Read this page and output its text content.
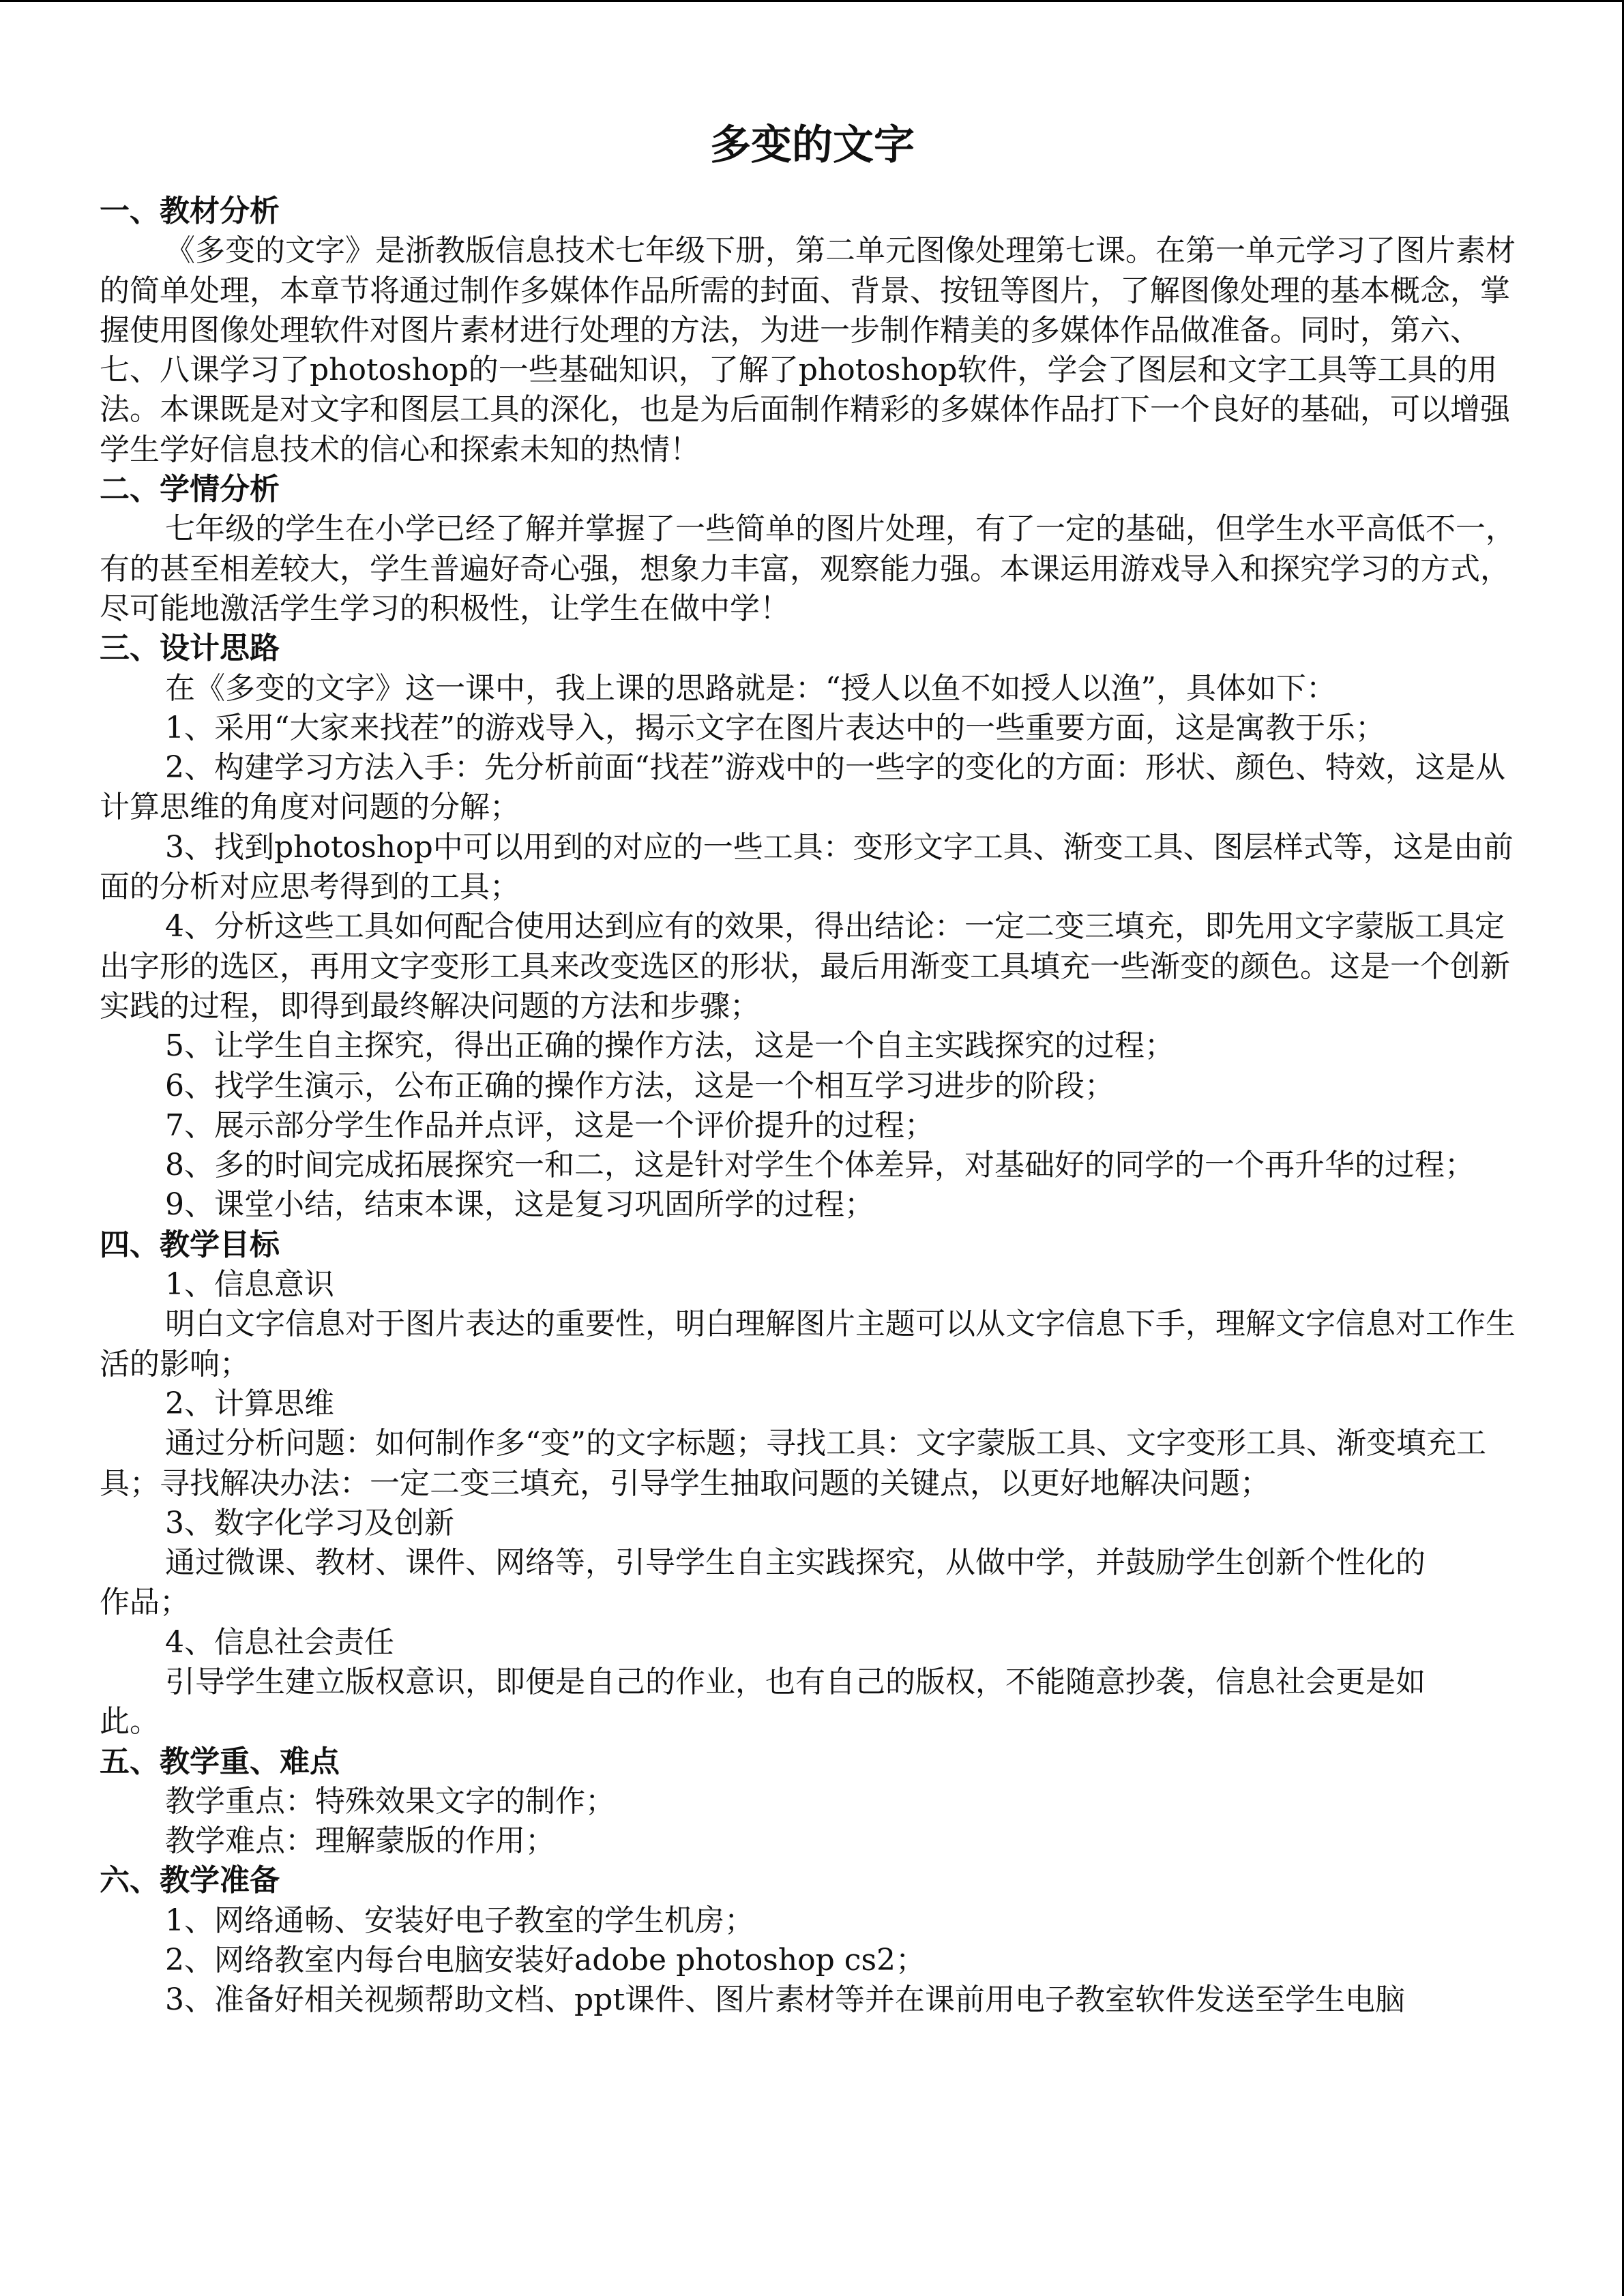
多变的文字

一、教材分析

《多变的文字》是浙教版信息技术七年级下册，第二单元图像处理第七课。在第一单元学习了图片素材的简单处理，本章节将通过制作多媒体作品所需的封面、背景、按钮等图片，了解图像处理的基本概念，掌握使用图像处理软件对图片素材进行处理的方法，为进一步制作精美的多媒体作品做准备。同时，第六、七、八课学习了photoshop的一些基础知识，了解了photoshop软件，学会了图层和文字工具等工具的用法。本课既是对文字和图层工具的深化，也是为后面制作精彩的多媒体作品打下一个良好的基础，可以增强学生学好信息技术的信心和探索未知的热情！

二、学情分析

七年级的学生在小学已经了解并掌握了一些简单的图片处理，有了一定的基础，但学生水平高低不一，有的甚至相差较大，学生普遍好奇心强，想象力丰富，观察能力强。本课运用游戏导入和探究学习的方式，尽可能地激活学生学习的积极性，让学生在做中学！

三、设计思路

在《多变的文字》这一课中，我上课的思路就是：“授人以鱼不如授人以渔”，具体如下：

1、采用“大家来找茬”的游戏导入，揭示文字在图片表达中的一些重要方面，这是寓教于乐；

2、构建学习方法入手：先分析前面“找茬”游戏中的一些字的变化的方面：形状、颜色、特效，这是从计算思维的角度对问题的分解；

3、找到photoshop中可以用到的对应的一些工具：变形文字工具、渐变工具、图层样式等，这是由前面的分析对应思考得到的工具；

4、分析这些工具如何配合使用达到应有的效果，得出结论：一定二变三填充，即先用文字蒙版工具定出字形的选区，再用文字变形工具来改变选区的形状，最后用渐变工具填充一些渐变的颜色。这是一个创新实践的过程，即得到最终解决问题的方法和步骤；

5、让学生自主探究，得出正确的操作方法，这是一个自主实践探究的过程；

6、找学生演示，公布正确的操作方法，这是一个相互学习进步的阶段；

7、展示部分学生作品并点评，这是一个评价提升的过程；

8、多的时间完成拓展探究一和二，这是针对学生个体差异，对基础好的同学的一个再升华的过程；

9、课堂小结，结束本课，这是复习巩固所学的过程；

四、教学目标

1、信息意识

明白文字信息对于图片表达的重要性，明白理解图片主题可以从文字信息下手，理解文字信息对工作生活的影响；

2、计算思维

通过分析问题：如何制作多“变”的文字标题；寻找工具：文字蒙版工具、文字变形工具、渐变填充工具；寻找解决办法：一定二变三填充，引导学生抽取问题的关键点，以更好地解决问题；

3、数字化学习及创新

通过微课、教材、课件、网络等，引导学生自主实践探究，从做中学，并鼓励学生创新个性化的

作品；

4、信息社会责任

引导学生建立版权意识，即便是自己的作业，也有自己的版权，不能随意抄袭，信息社会更是如

此。

五、教学重、难点

教学重点：特殊效果文字的制作；

教学难点：理解蒙版的作用；

六、教学准备

1、网络通畅、安装好电子教室的学生机房；

2、网络教室内每台电脑安装好adobe photoshop cs2；

3、准备好相关视频帮助文档、ppt课件、图片素材等并在课前用电子教室软件发送至学生电脑
